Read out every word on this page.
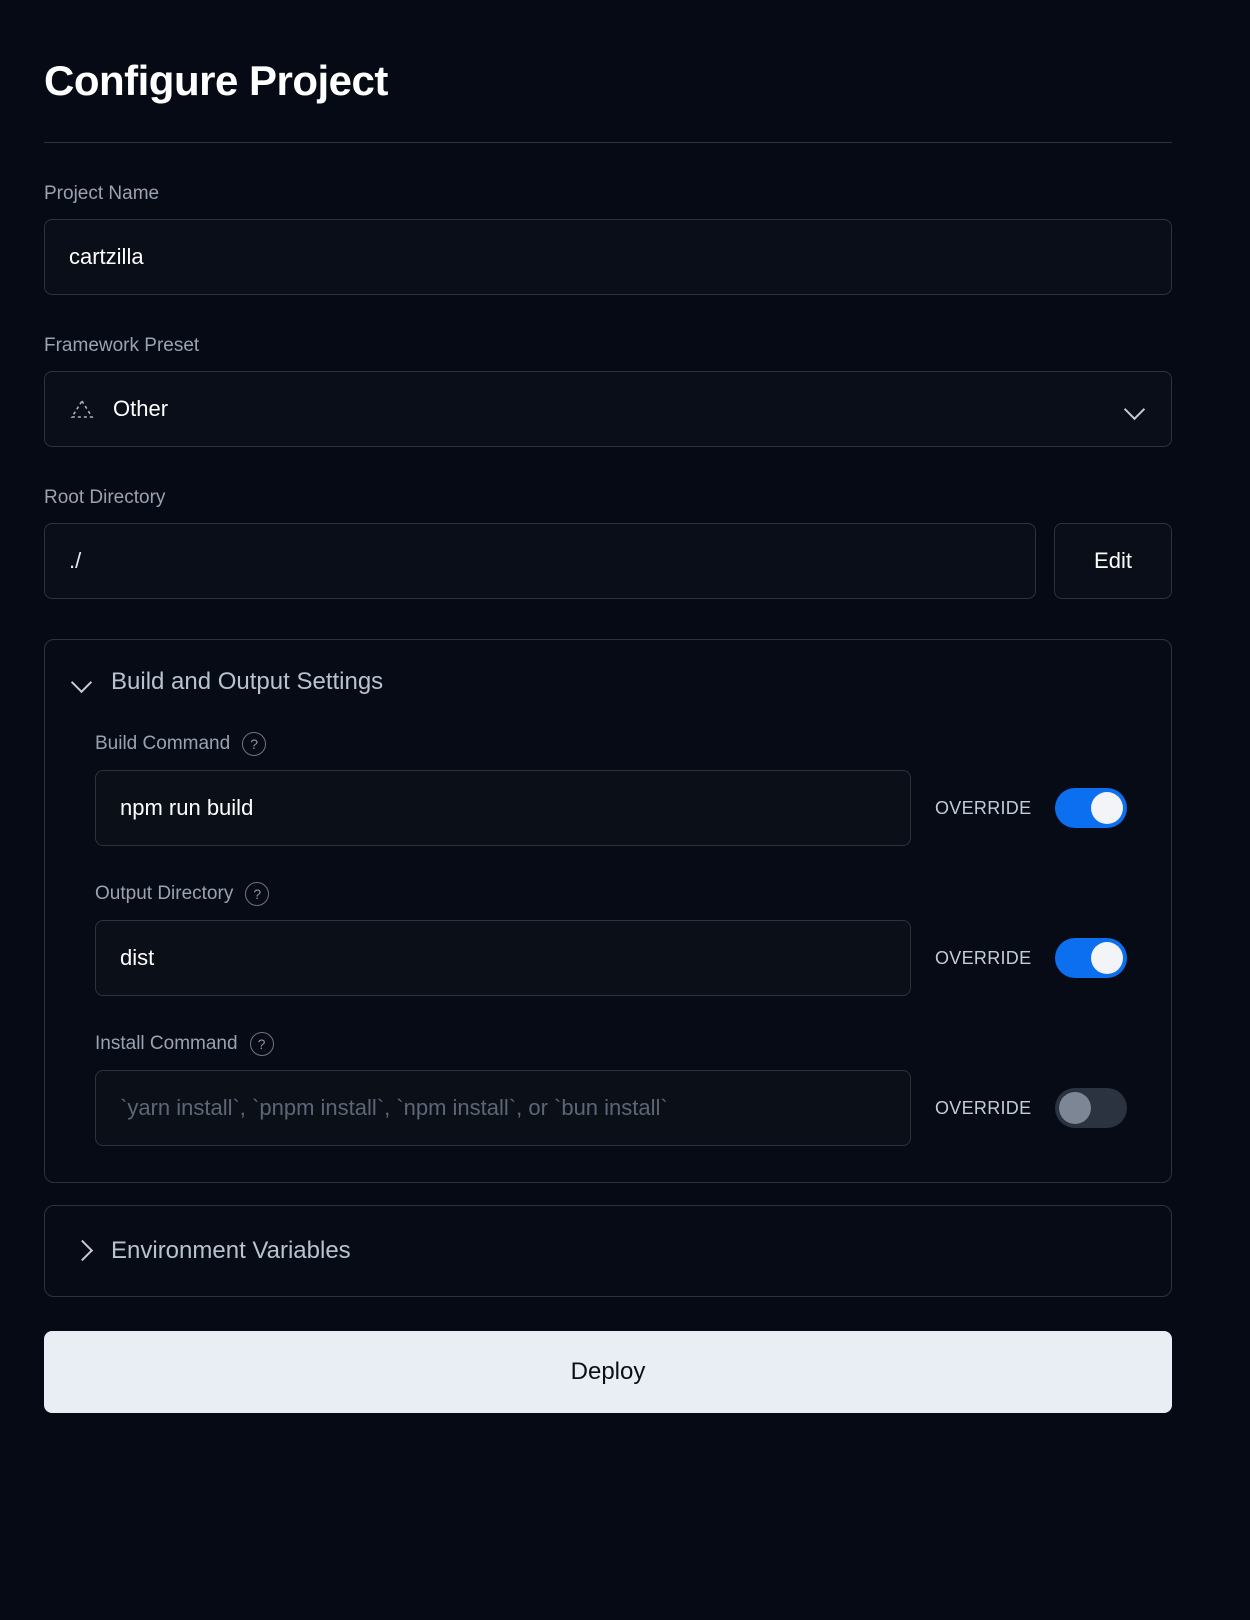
Configure Project
Project Name
cartzilla
Framework Preset
Other
Root Directory
./	Edit
Build and Output Settings
Build Command	?
npm run build	OVERRIDE
Output Directory	?
dist	OVERRIDE
Install Command	?
`yarn install`, `pnpm install`, `npm install`, or `bun install`	OVERRIDE
Environment Variables
Deploy
